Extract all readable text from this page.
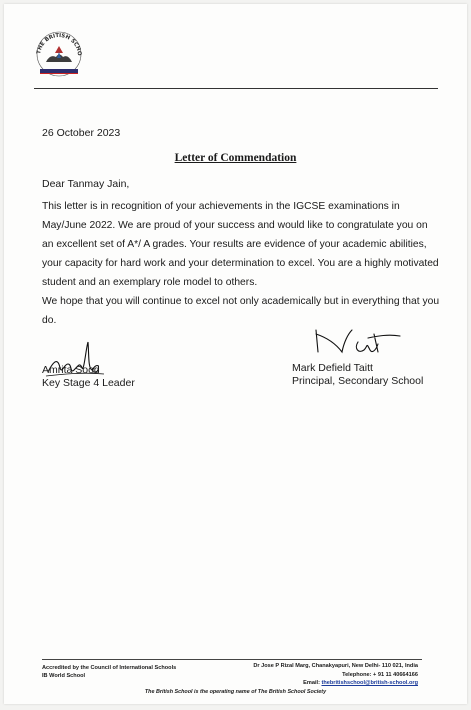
THE BRITISH SCHO
26 October 2023
Letter of Commendation
Dear Tanmay Jain,

This letter is in recognition of your achievements in the IGCSE examinations in May/June 2022. We are proud of your success and would like to congratulate you on an excellent set of A*/ A grades. Your results are evidence of your academic abilities, your capacity for hard work and your determination to excel. You are a highly motivated student and an exemplary role model to others.

We hope that you will continue to excel not only academically but in everything that you do.

Amrita Sood
Key Stage 4 Leader
Mark Defield Taitt
Principal, Secondary School
Accredited by the Council of International Schools
IB World School
Dr Jose P Rizal Marg, Chanakyapuri, New Delhi- 110 021, India
Telephone: + 91 11 40664166
Email: thebritishschool@british-school.org
The British School is the operating name of The British School Society
